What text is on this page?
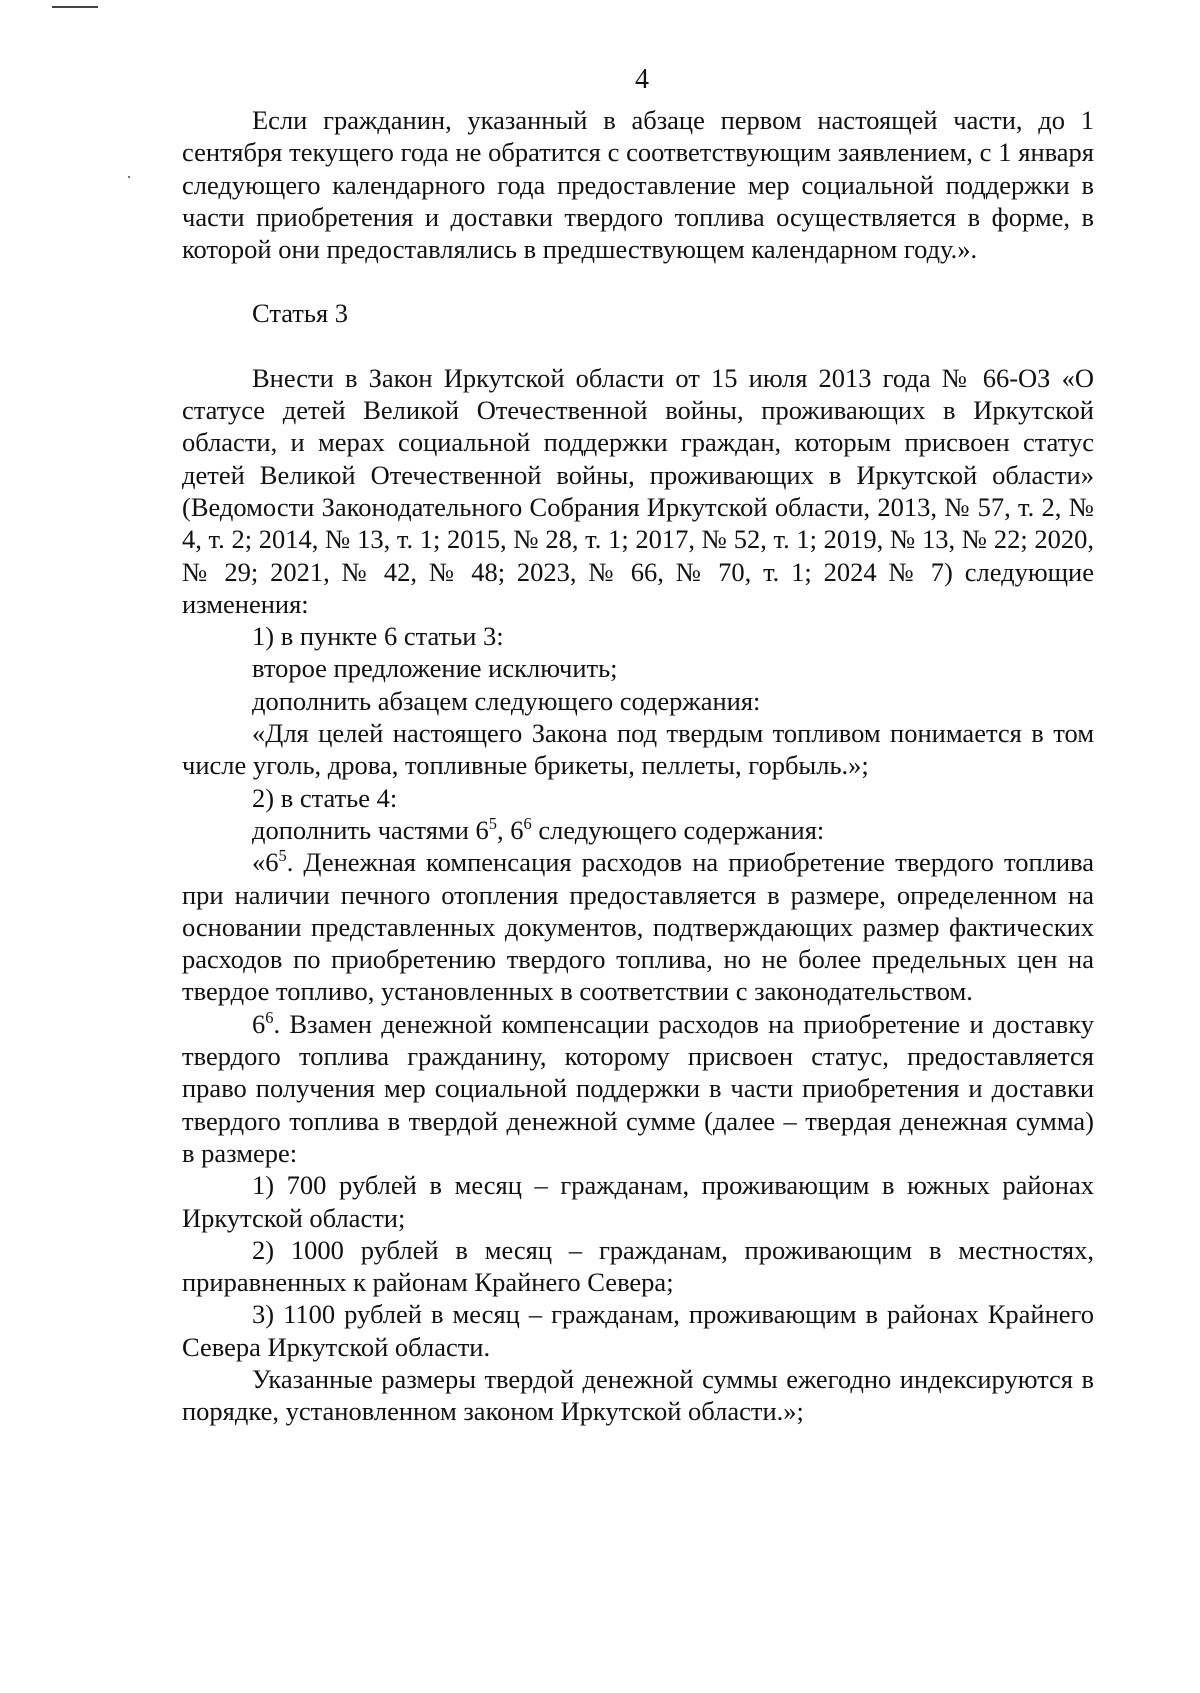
4

Если гражданин, указанный в абзаце первом настоящей части, до 1 сентября текущего года не обратится с соответствующим заявлением, с 1 января следующего календарного года предоставление мер социальной поддержки в части приобретения и доставки твердого топлива осуществляется в форме, в которой они предоставлялись в предшествующем календарном году.».

Статья 3

Внести в Закон Иркутской области от 15 июля 2013 года № 66-ОЗ «О статусе детей Великой Отечественной войны, проживающих в Иркутской области, и мерах социальной поддержки граждан, которым присвоен статус детей Великой Отечественной войны, проживающих в Иркутской области» (Ведомости Законодательного Собрания Иркутской области, 2013, № 57, т. 2, № 4, т. 2; 2014, № 13, т. 1; 2015, № 28, т. 1; 2017, № 52, т. 1; 2019, № 13, № 22; 2020, № 29; 2021, № 42, № 48; 2023, № 66, № 70, т. 1; 2024 № 7) следующие изменения:

1) в пункте 6 статьи 3:

второе предложение исключить;

дополнить абзацем следующего содержания:

«Для целей настоящего Закона под твердым топливом понимается в том числе уголь, дрова, топливные брикеты, пеллеты, горбыль.»;

2) в статье 4:

дополнить частями $6^5$, $6^6$ следующего содержания:

«$6^5$. Денежная компенсация расходов на приобретение твердого топлива при наличии печного отопления предоставляется в размере, определенном на основании представленных документов, подтверждающих размер фактических расходов по приобретению твердого топлива, но не более предельных цен на твердое топливо, установленных в соответствии с законодательством.

$6^6$. Взамен денежной компенсации расходов на приобретение и доставку твердого топлива гражданину, которому присвоен статус, предоставляется право получения мер социальной поддержки в части приобретения и доставки твердого топлива в твердой денежной сумме (далее – твердая денежная сумма) в размере:

1) 700 рублей в месяц – гражданам, проживающим в южных районах Иркутской области;

2) 1000 рублей в месяц – гражданам, проживающим в местностях, приравненных к районам Крайнего Севера;

3) 1100 рублей в месяц – гражданам, проживающим в районах Крайнего Севера Иркутской области.

Указанные размеры твердой денежной суммы ежегодно индексируются в порядке, установленном законом Иркутской области.»;
